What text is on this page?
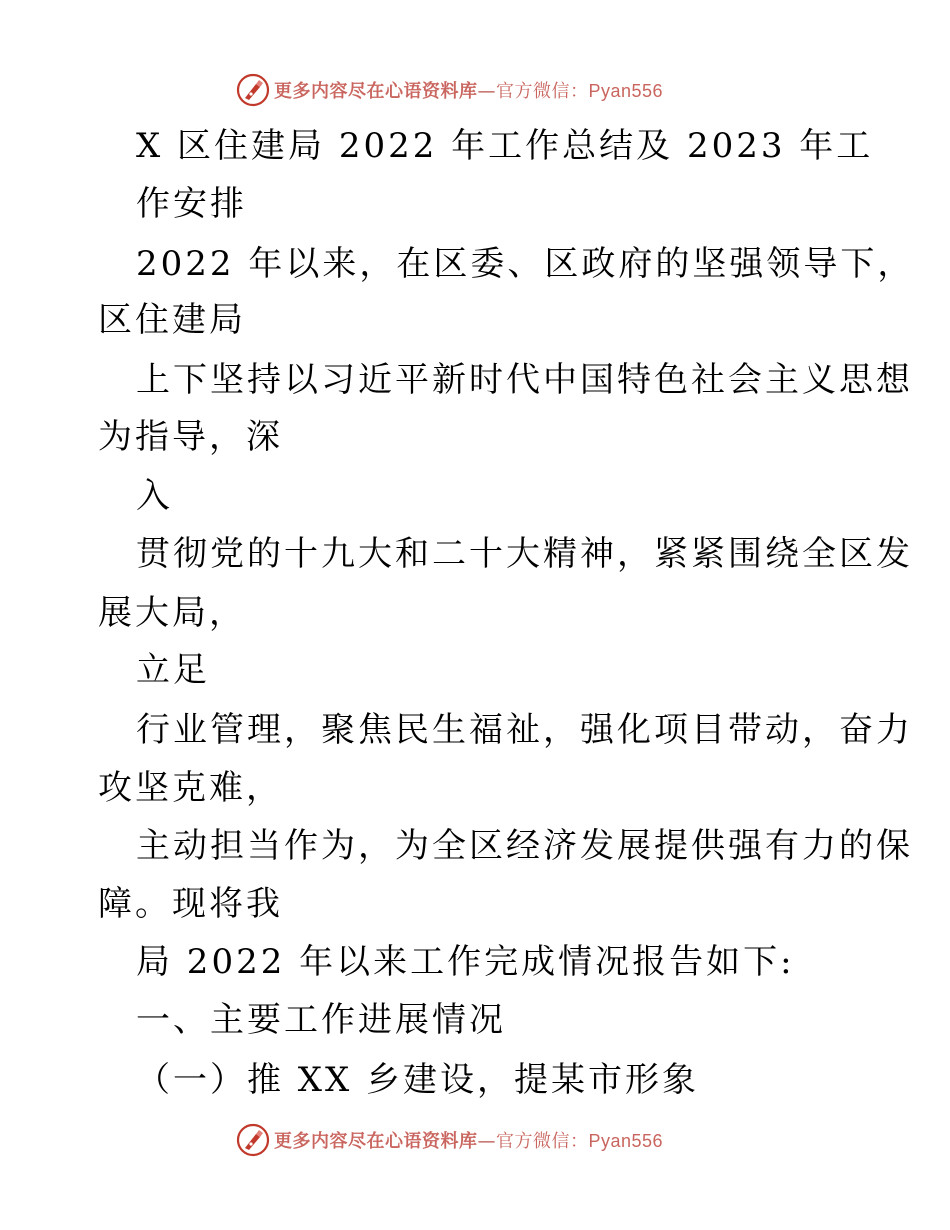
更多内容尽在心语资料库—官方微信：Pyan556
X 区住建局 2022 年工作总结及 2023 年工
作安排
2022 年以来，在区委、区政府的坚强领导下，
区住建局
上下坚持以习近平新时代中国特色社会主义思想
为指导，深
入
贯彻党的十九大和二十大精神，紧紧围绕全区发
展大局，
立足
行业管理，聚焦民生福祉，强化项目带动，奋力
攻坚克难，
主动担当作为，为全区经济发展提供强有力的保
障。现将我
局 2022 年以来工作完成情况报告如下:
一、主要工作进展情况
（一）推 XX 乡建设，提某市形象
更多内容尽在心语资料库—官方微信：Pyan556
